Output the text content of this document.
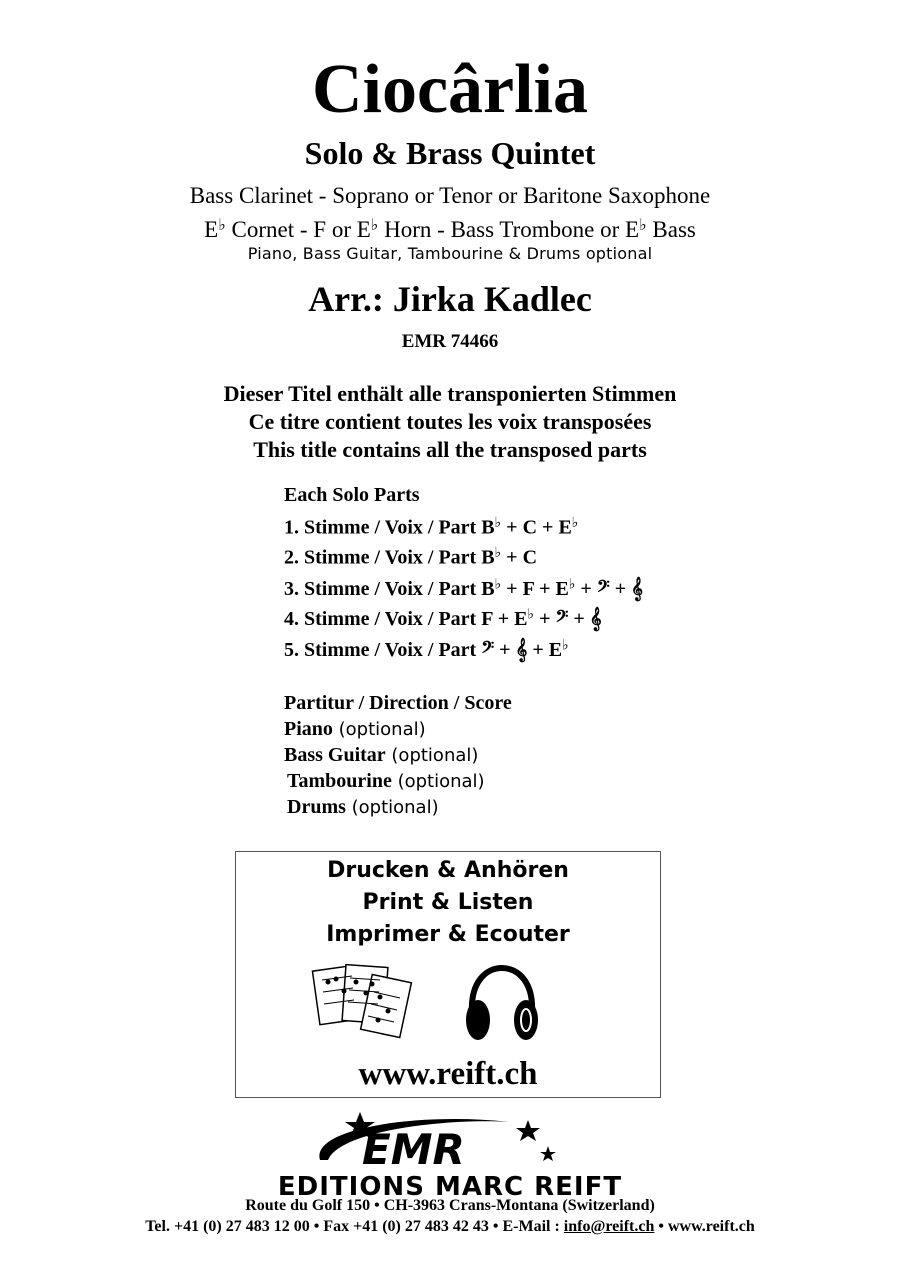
Ciocârlia
Solo & Brass Quintet
Bass Clarinet - Soprano or Tenor or Baritone Saxophone
E♭ Cornet - F or E♭ Horn - Bass Trombone or E♭ Bass
Piano, Bass Guitar, Tambourine & Drums optional
Arr.: Jirka Kadlec
EMR 74466
Dieser Titel enthält alle transponierten Stimmen
Ce titre contient toutes les voix transposées
This title contains all the transposed parts
Each Solo Parts
1. Stimme / Voix / Part B♭ + C + E♭
2. Stimme / Voix / Part B♭ + C
3. Stimme / Voix / Part B♭ + F + E♭ + 𝄢 + 𝄞
4. Stimme / Voix / Part F + E♭ + 𝄢 + 𝄞
5. Stimme / Voix / Part 𝄢 + 𝄞 + E♭
Partitur / Direction / Score
Piano (optional)
Bass Guitar (optional)
Tambourine (optional)
Drums (optional)
Drucken & Anhören
Print & Listen
Imprimer & Ecouter
www.reift.ch
EMR
EDITIONS MARC REIFT
Route du Golf 150 • CH-3963 Crans-Montana (Switzerland)
Tel. +41 (0) 27 483 12 00 • Fax +41 (0) 27 483 42 43 • E-Mail : info@reift.ch • www.reift.ch
